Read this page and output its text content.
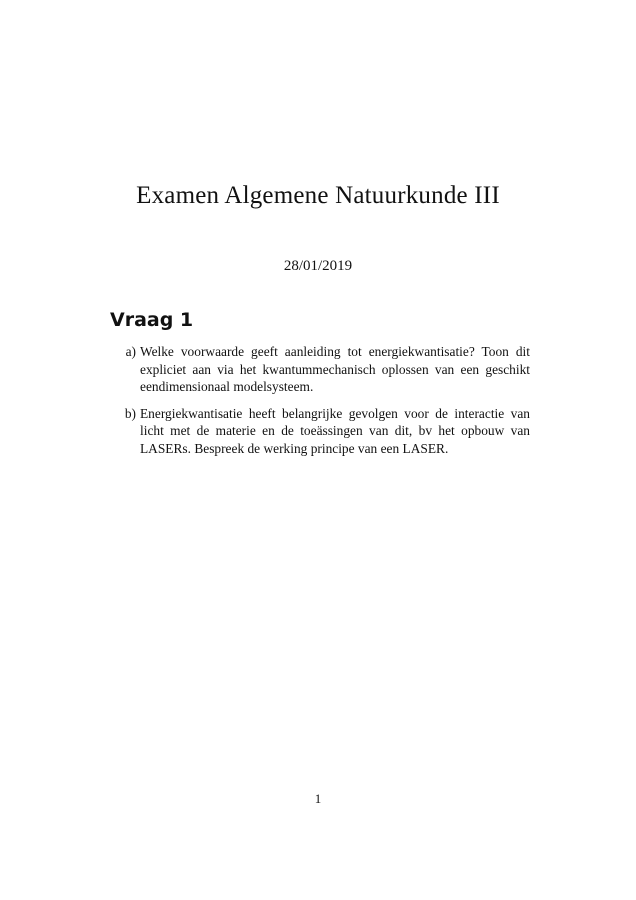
Examen Algemene Natuurkunde III
28/01/2019
Vraag 1
a) Welke voorwaarde geeft aanleiding tot energiekwantisatie? Toon dit expliciet aan via het kwantummechanisch oplossen van een geschikt eendimensionaal modelsysteem.
b) Energiekwantisatie heeft belangrijke gevolgen voor de interactie van licht met de materie en de toeässingen van dit, bv het opbouw van LASERs. Bespreek de werking principe van een LASER.
1
